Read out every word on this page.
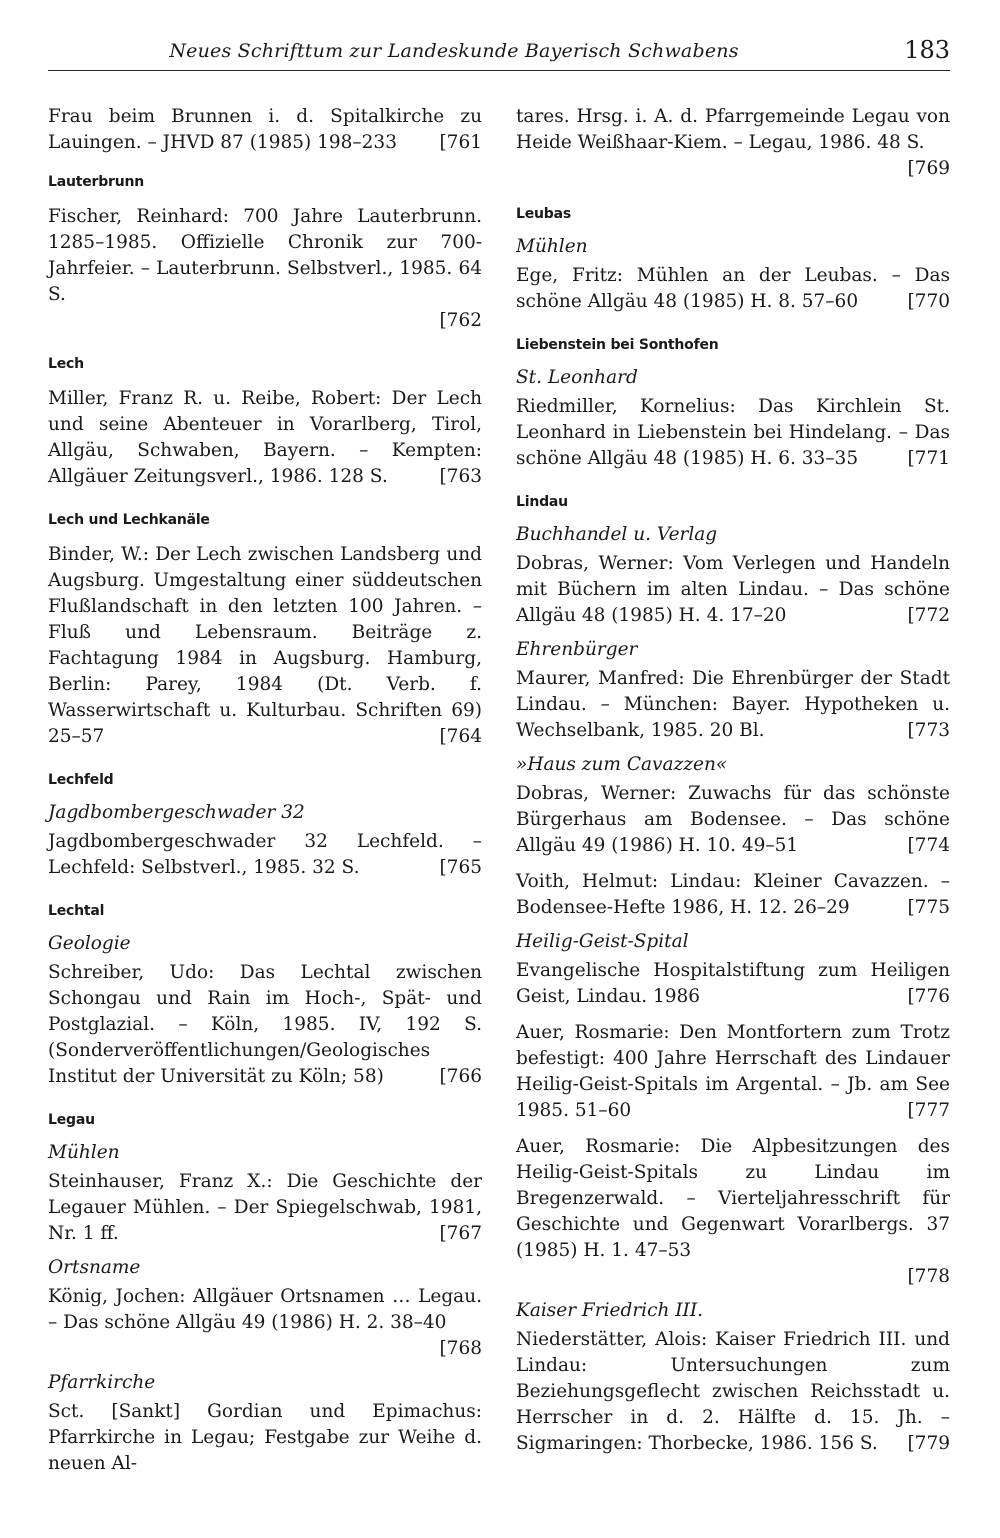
Neues Schrifttum zur Landeskunde Bayerisch Schwabens	183

Frau beim Brunnen i. d. Spitalkirche zu Lauingen. – JHVD 87 (1985) 198–233	[761

Lauterbrunn

Fischer, Reinhard: 700 Jahre Lauterbrunn. 1285–1985. Offizielle Chronik zur 700-Jahrfeier. – Lauterbrunn. Selbstverl., 1985. 64 S.
[762

Lech

Miller, Franz R. u. Reibe, Robert: Der Lech und seine Abenteuer in Vorarlberg, Tirol, Allgäu, Schwaben, Bayern. – Kempten: Allgäuer Zeitungsverl., 1986. 128 S.	[763

Lech und Lechkanäle

Binder, W.: Der Lech zwischen Landsberg und Augsburg. Umgestaltung einer süddeutschen Flußlandschaft in den letzten 100 Jahren. – Fluß und Lebensraum. Beiträge z. Fachtagung 1984 in Augsburg. Hamburg, Berlin: Parey, 1984 (Dt. Verb. f. Wasserwirtschaft u. Kulturbau. Schriften 69) 25–57	[764

Lechfeld
Jagdbombergeschwader 32

Jagdbombergeschwader 32 Lechfeld. – Lechfeld: Selbstverl., 1985. 32 S.	[765

Lechtal
Geologie

Schreiber, Udo: Das Lechtal zwischen Schongau und Rain im Hoch-, Spät- und Postglazial. – Köln, 1985. IV, 192 S. (Sonderveröffentlichungen/Geologisches Institut der Universität zu Köln; 58)	[766

Legau
Mühlen

Steinhauser, Franz X.: Die Geschichte der Legauer Mühlen. – Der Spiegelschwab, 1981, Nr. 1 ff.	[767

Ortsname

König, Jochen: Allgäuer Ortsnamen … Legau. – Das schöne Allgäu 49 (1986) H. 2. 38–40
[768

Pfarrkirche

Sct. [Sankt] Gordian und Epimachus: Pfarrkirche in Legau; Festgabe zur Weihe d. neuen Al-

tares. Hrsg. i. A. d. Pfarrgemeinde Legau von Heide Weißhaar-Kiem. – Legau, 1986. 48 S.
[769

Leubas
Mühlen

Ege, Fritz: Mühlen an der Leubas. – Das schöne Allgäu 48 (1985) H. 8. 57–60	[770

Liebenstein bei Sonthofen
St. Leonhard

Riedmiller, Kornelius: Das Kirchlein St. Leonhard in Liebenstein bei Hindelang. – Das schöne Allgäu 48 (1985) H. 6. 33–35	[771

Lindau
Buchhandel u. Verlag

Dobras, Werner: Vom Verlegen und Handeln mit Büchern im alten Lindau. – Das schöne Allgäu 48 (1985) H. 4. 17–20	[772

Ehrenbürger

Maurer, Manfred: Die Ehrenbürger der Stadt Lindau. – München: Bayer. Hypotheken u. Wechselbank, 1985. 20 Bl.	[773

»Haus zum Cavazzen«

Dobras, Werner: Zuwachs für das schönste Bürgerhaus am Bodensee. – Das schöne Allgäu 49 (1986) H. 10. 49–51	[774

Voith, Helmut: Lindau: Kleiner Cavazzen. – Bodensee-Hefte 1986, H. 12. 26–29	[775

Heilig-Geist-Spital

Evangelische Hospitalstiftung zum Heiligen Geist, Lindau. 1986	[776

Auer, Rosmarie: Den Montfortern zum Trotz befestigt: 400 Jahre Herrschaft des Lindauer Heilig-Geist-Spitals im Argental. – Jb. am See 1985. 51–60	[777

Auer, Rosmarie: Die Alpbesitzungen des Heilig-Geist-Spitals zu Lindau im Bregenzerwald. – Vierteljahresschrift für Geschichte und Gegenwart Vorarlbergs. 37 (1985) H. 1. 47–53
[778

Kaiser Friedrich III.

Niederstätter, Alois: Kaiser Friedrich III. und Lindau: Untersuchungen zum Beziehungsgeflecht zwischen Reichsstadt u. Herrscher in d. 2. Hälfte d. 15. Jh. – Sigmaringen: Thorbecke, 1986. 156 S.	[779
